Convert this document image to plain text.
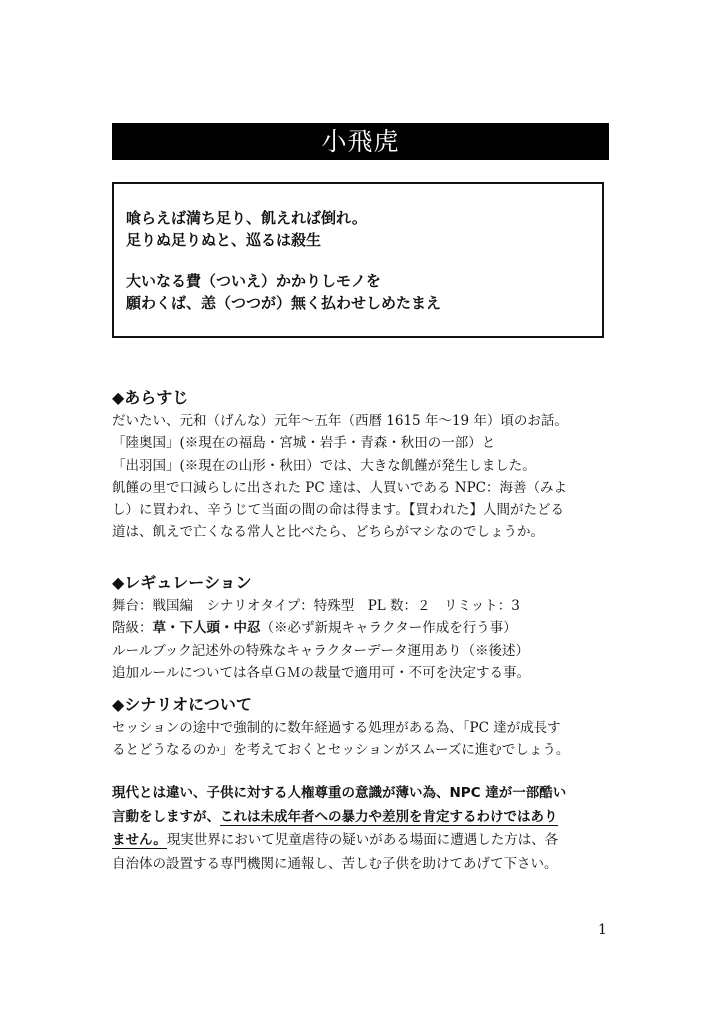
小飛虎

喰らえば満ち足り、飢えれば倒れ。

足りぬ足りぬと、巡るは殺生

大いなる費（ついえ）かかりしモノを

願わくば、恙（つつが）無く払わせしめたまえ

◆あらすじ

だいたい、元和（げんな）元年〜五年（西暦 1615 年〜19 年）頃のお話。

「陸奥国」(※現在の福島・宮城・岩手・青森・秋田の一部）と

「出羽国」(※現在の山形・秋田）では、大きな飢饉が発生しました。

飢饉の里で口減らしに出された PC 達は、人買いである NPC：海善（みよ

し）に買われ、辛うじて当面の間の命は得ます。【買われた】人間がたどる

道は、飢えで亡くなる常人と比べたら、どちらがマシなのでしょうか。

◆レギュレーション

舞台：戦国編　シナリオタイプ：特殊型　PL 数：２　リミット：3

階級：草・下人頭・中忍（※必ず新規キャラクター作成を行う事）

ルールブック記述外の特殊なキャラクターデータ運用あり（※後述）

追加ルールについては各卓ＧＭの裁量で適用可・不可を決定する事。

◆シナリオについて

セッションの途中で強制的に数年経過する処理がある為、「PC 達が成長す

るとどうなるのか」を考えておくとセッションがスムーズに進むでしょう。

現代とは違い、子供に対する人権尊重の意識が薄い為、NPC 達が一部酷い

言動をしますが、これは未成年者への暴力や差別を肯定するわけではあり

ません。現実世界において児童虐待の疑いがある場面に遭遇した方は、各

自治体の設置する専門機関に通報し、苦しむ子供を助けてあげて下さい。

1
